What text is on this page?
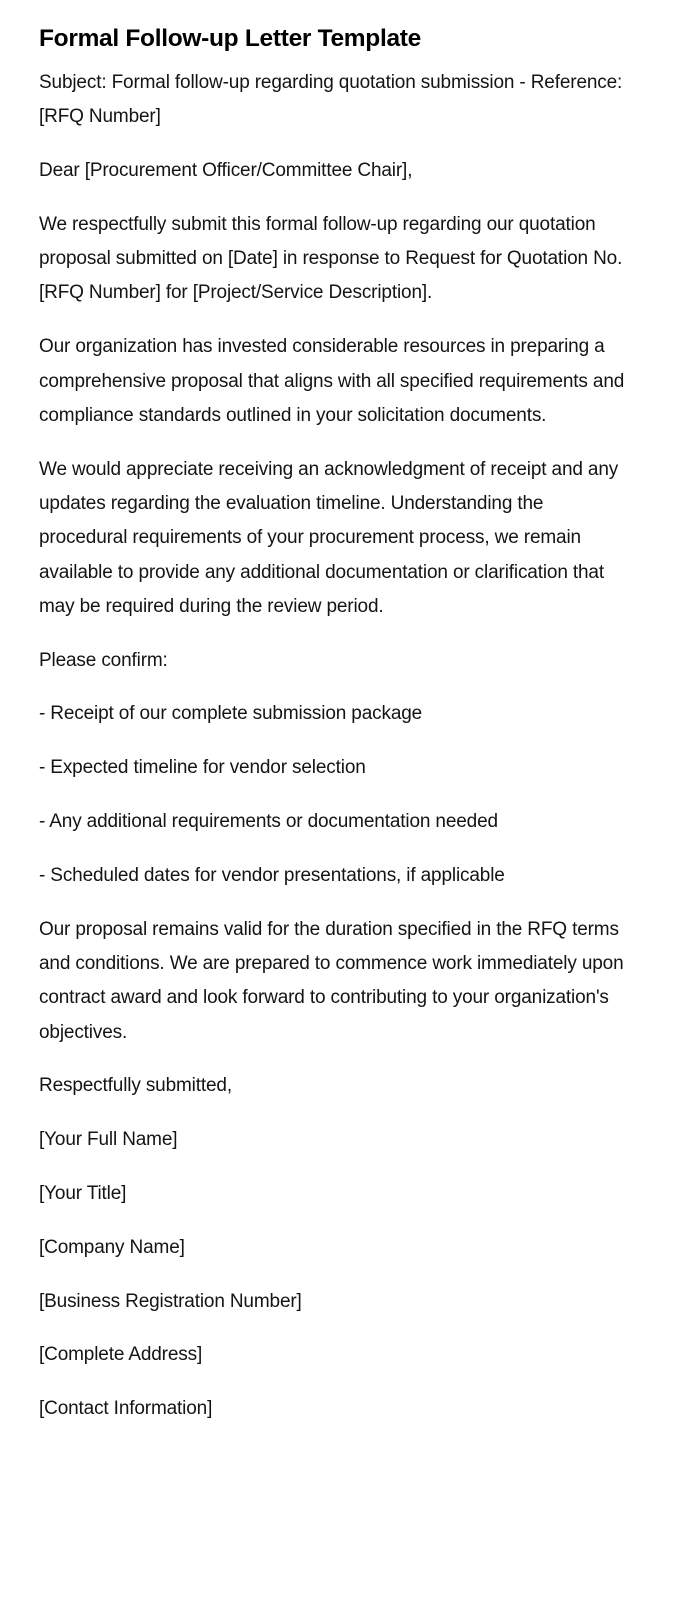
Formal Follow-up Letter Template

Subject: Formal follow-up regarding quotation submission - Reference: [RFQ Number]

Dear [Procurement Officer/Committee Chair],

We respectfully submit this formal follow-up regarding our quotation proposal submitted on [Date] in response to Request for Quotation No. [RFQ Number] for [Project/Service Description].

Our organization has invested considerable resources in preparing a comprehensive proposal that aligns with all specified requirements and compliance standards outlined in your solicitation documents.

We would appreciate receiving an acknowledgment of receipt and any updates regarding the evaluation timeline. Understanding the procedural requirements of your procurement process, we remain available to provide any additional documentation or clarification that may be required during the review period.

Please confirm:

- Receipt of our complete submission package

- Expected timeline for vendor selection

- Any additional requirements or documentation needed

- Scheduled dates for vendor presentations, if applicable

Our proposal remains valid for the duration specified in the RFQ terms and conditions. We are prepared to commence work immediately upon contract award and look forward to contributing to your organization's objectives.

Respectfully submitted,

[Your Full Name]

[Your Title]

[Company Name]

[Business Registration Number]

[Complete Address]

[Contact Information]
